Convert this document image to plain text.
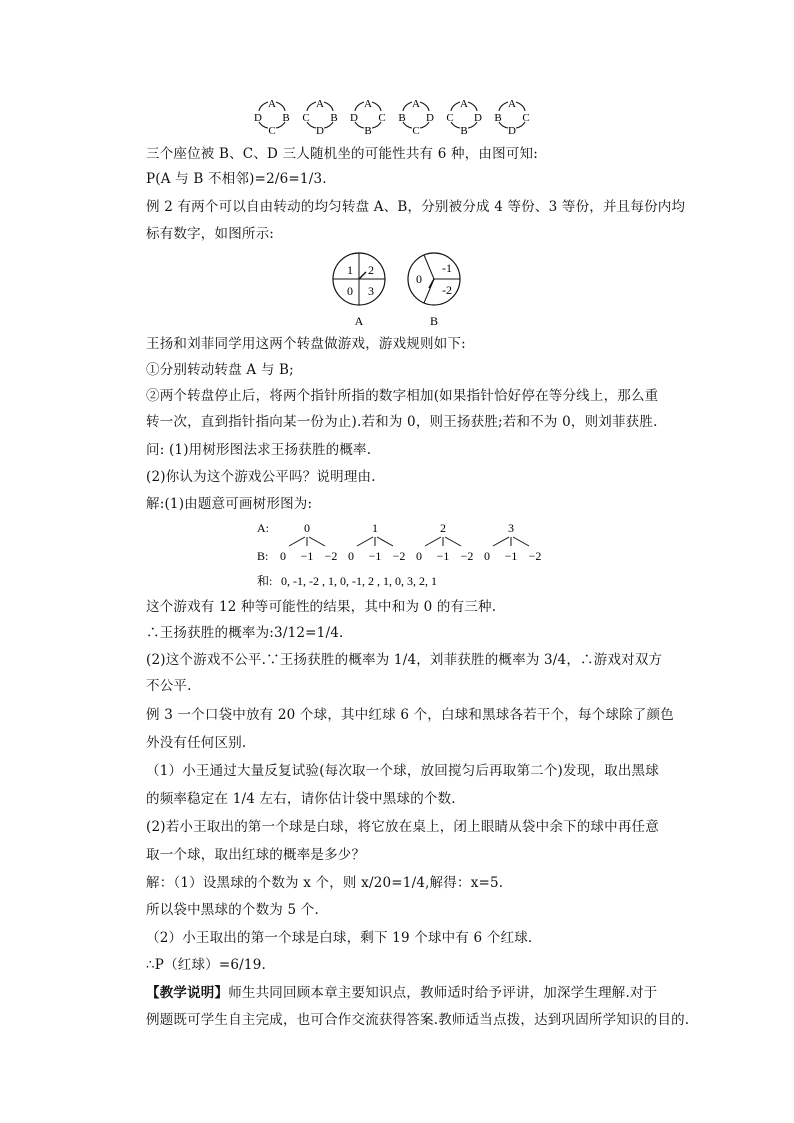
A
D B
C
A
C B
D
A
D C
B
A
B D
C
A
C D
B
A
B C
D
三个座位被 B、C、D 三人随机坐的可能性共有 6 种，由图可知:
P(A 与 B 不相邻)=2/6=1/3.
例 2 有两个可以自由转动的均匀转盘 A、B，分别被分成 4 等份、3 等份，并且每份内均
标有数字，如图所示:
1 2
0 3
A
-1
0
-2
B
王扬和刘菲同学用这两个转盘做游戏，游戏规则如下:
①分别转动转盘 A 与 B;
②两个转盘停止后，将两个指针所指的数字相加(如果指针恰好停在等分线上，那么重
转一次，直到指针指向某一份为止).若和为 0，则王扬获胜;若和不为 0，则刘菲获胜.
问: (1)用树形图法求王扬获胜的概率.
(2)你认为这个游戏公平吗？说明理由.
解:(1)由题意可画树形图为:
A:
B:
和:
0
0 −1 −2
1
0 −1 −2
2
0 −1 −2
3
0 −1 −2
0, -1, -2 , 1, 0, -1, 2 , 1, 0, 3, 2, 1
这个游戏有 12 种等可能性的结果，其中和为 0 的有三种.
∴王扬获胜的概率为:3/12=1/4.
(2)这个游戏不公平.∵王扬获胜的概率为 1/4，刘菲获胜的概率为 3/4，∴游戏对双方
不公平.
例 3 一个口袋中放有 20 个球，其中红球 6 个，白球和黑球各若干个，每个球除了颜色
外没有任何区别.
（1）小王通过大量反复试验(每次取一个球，放回搅匀后再取第二个)发现，取出黑球
的频率稳定在 1/4 左右，请你估计袋中黑球的个数.
(2)若小王取出的第一个球是白球，将它放在桌上，闭上眼睛从袋中余下的球中再任意
取一个球，取出红球的概率是多少？
解：（1）设黑球的个数为 x 个，则 x/20=1/4,解得：x=5.
所以袋中黑球的个数为 5 个.
（2）小王取出的第一个球是白球，剩下 19 个球中有 6 个红球.
∴P（红球）=6/19.
【教学说明】师生共同回顾本章主要知识点，教师适时给予评讲，加深学生理解.对于
例题既可学生自主完成，也可合作交流获得答案.教师适当点拨，达到巩固所学知识的目的.
